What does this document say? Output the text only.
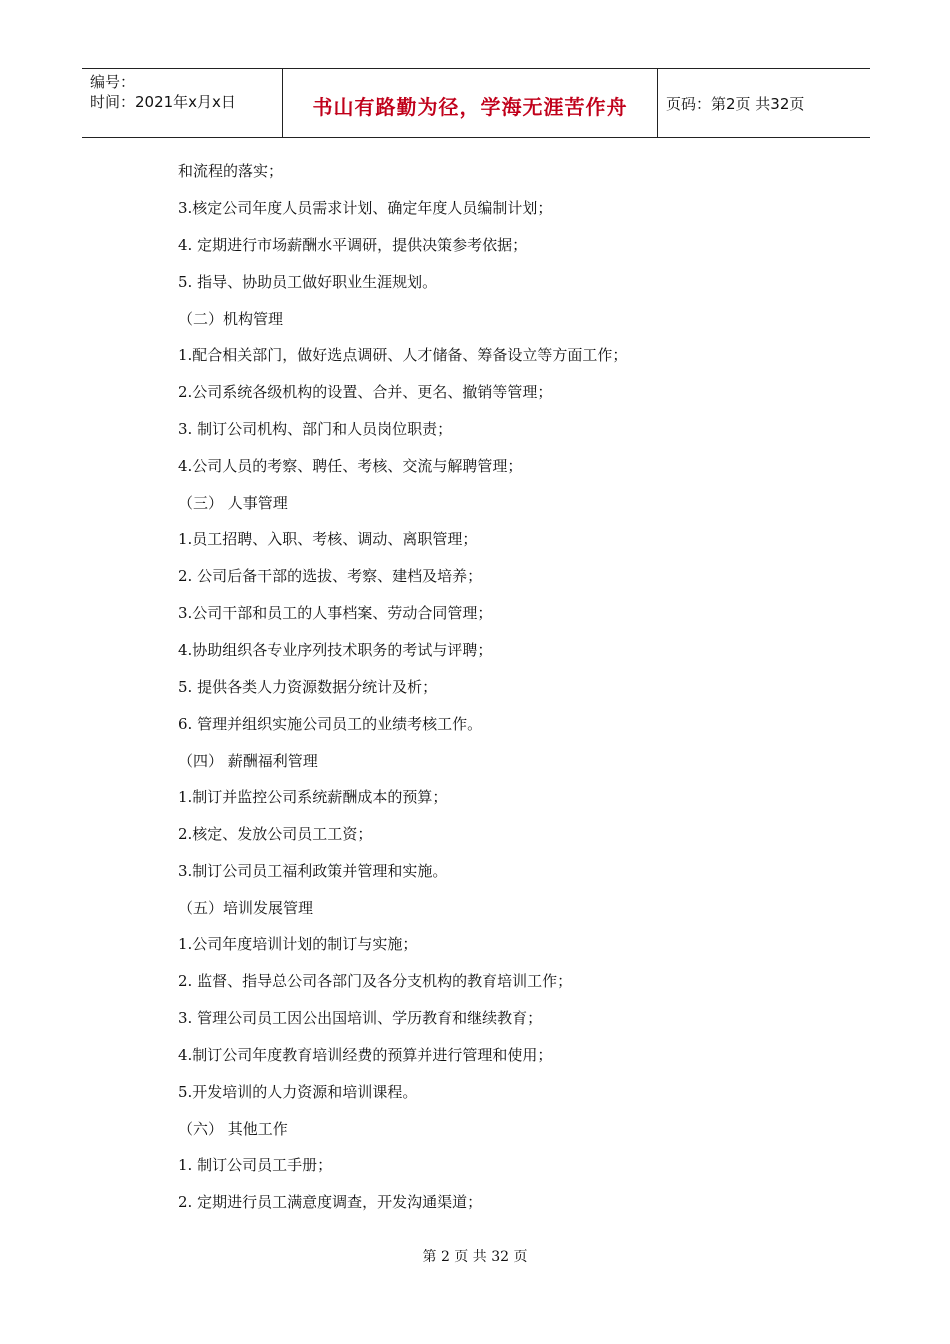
编号：
时间：2021年x月x日	书山有路勤为径，学海无涯苦作舟	页码：第2页 共32页
和流程的落实；
3.核定公司年度人员需求计划、确定年度人员编制计划；
4. 定期进行市场薪酬水平调研，提供决策参考依据；
5. 指导、协助员工做好职业生涯规划。
（二）机构管理
1.配合相关部门，做好选点调研、人才储备、筹备设立等方面工作；
2.公司系统各级机构的设置、合并、更名、撤销等管理；
3. 制订公司机构、部门和人员岗位职责；
4.公司人员的考察、聘任、考核、交流与解聘管理；
（三） 人事管理
1.员工招聘、入职、考核、调动、离职管理；
2. 公司后备干部的选拔、考察、建档及培养；
3.公司干部和员工的人事档案、劳动合同管理；
4.协助组织各专业序列技术职务的考试与评聘；
5. 提供各类人力资源数据分统计及析；
6. 管理并组织实施公司员工的业绩考核工作。
（四） 薪酬福利管理
1.制订并监控公司系统薪酬成本的预算；
2.核定、发放公司员工工资；
3.制订公司员工福利政策并管理和实施。
（五）培训发展管理
1.公司年度培训计划的制订与实施；
2. 监督、指导总公司各部门及各分支机构的教育培训工作；
3. 管理公司员工因公出国培训、学历教育和继续教育；
4.制订公司年度教育培训经费的预算并进行管理和使用；
5.开发培训的人力资源和培训课程。
（六） 其他工作
1. 制订公司员工手册；
2. 定期进行员工满意度调查，开发沟通渠道；
第 2 页 共 32 页
